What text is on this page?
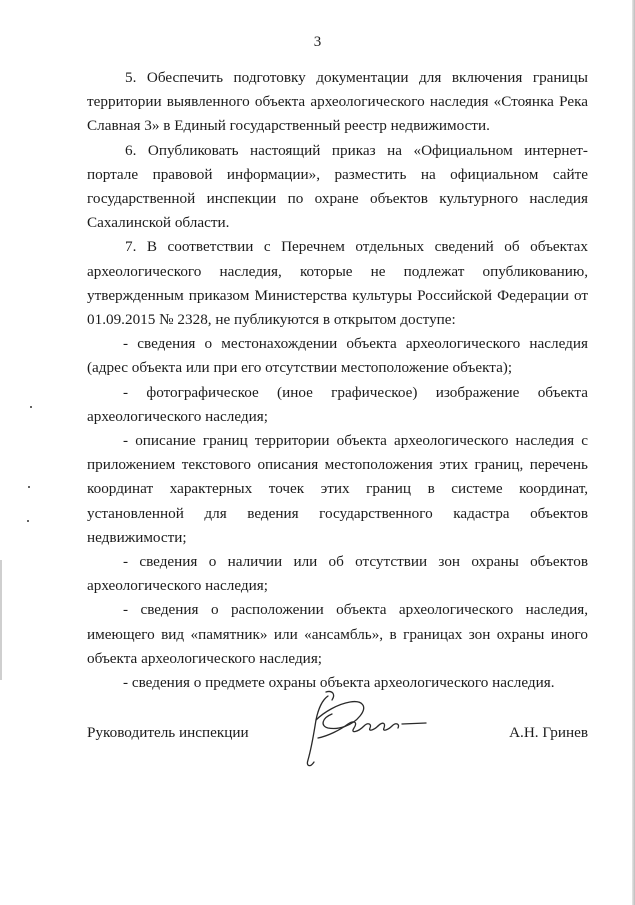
3

5. Обеспечить подготовку документации для включения границы территории выявленного объекта археологического наследия «Стоянка Река Славная 3» в Единый государственный реестр недвижимости.

6. Опубликовать настоящий приказ на «Официальном интернет-портале правовой информации», разместить на официальном сайте государственной инспекции по охране объектов культурного наследия Сахалинской области.

7. В соответствии с Перечнем отдельных сведений об объектах археологического наследия, которые не подлежат опубликованию, утвержденным приказом Министерства культуры Российской Федерации от 01.09.2015 № 2328, не публикуются в открытом доступе:

- сведения о местонахождении объекта археологического наследия (адрес объекта или при его отсутствии местоположение объекта);

- фотографическое (иное графическое) изображение объекта археологического наследия;

- описание границ территории объекта археологического наследия с приложением текстового описания местоположения этих границ, перечень координат характерных точек этих границ в системе координат, установленной для ведения государственного кадастра объектов недвижимости;

- сведения о наличии или об отсутствии зон охраны объектов археологического наследия;

- сведения о расположении объекта археологического наследия, имеющего вид «памятник» или «ансамбль», в границах зон охраны иного объекта археологического наследия;

- сведения о предмете охраны объекта археологического наследия.

Руководитель инспекции	А.Н. Гринев
